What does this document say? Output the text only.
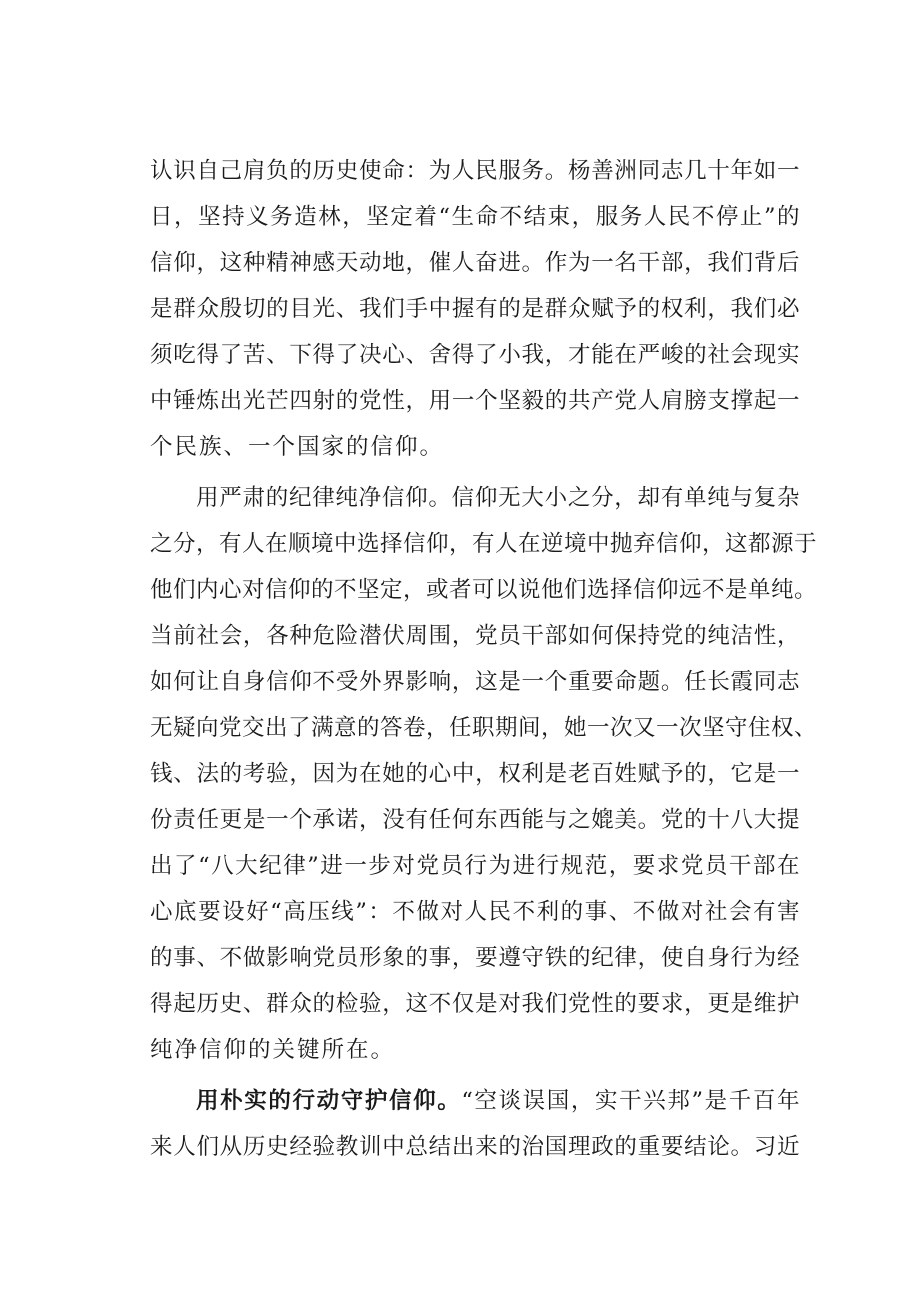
认识自己肩负的历史使命：为人民服务。杨善洲同志几十年如一
日，坚持义务造林，坚定着“生命不结束，服务人民不停止”的
信仰，这种精神感天动地，催人奋进。作为一名干部，我们背后
是群众殷切的目光、我们手中握有的是群众赋予的权利，我们必
须吃得了苦、下得了决心、舍得了小我，才能在严峻的社会现实
中锤炼出光芒四射的党性，用一个坚毅的共产党人肩膀支撑起一
个民族、一个国家的信仰。
用严肃的纪律纯净信仰。信仰无大小之分，却有单纯与复杂
之分，有人在顺境中选择信仰，有人在逆境中抛弃信仰，这都源于
他们内心对信仰的不坚定，或者可以说他们选择信仰远不是单纯。
当前社会，各种危险潜伏周围，党员干部如何保持党的纯洁性，
如何让自身信仰不受外界影响，这是一个重要命题。任长霞同志
无疑向党交出了满意的答卷，任职期间，她一次又一次坚守住权、
钱、法的考验，因为在她的心中，权利是老百姓赋予的，它是一
份责任更是一个承诺，没有任何东西能与之媲美。党的十八大提
出了“八大纪律”进一步对党员行为进行规范，要求党员干部在
心底要设好“高压线”：不做对人民不利的事、不做对社会有害
的事、不做影响党员形象的事，要遵守铁的纪律，使自身行为经
得起历史、群众的检验，这不仅是对我们党性的要求，更是维护
纯净信仰的关键所在。
用朴实的行动守护信仰。“空谈误国，实干兴邦”是千百年
来人们从历史经验教训中总结出来的治国理政的重要结论。习近
